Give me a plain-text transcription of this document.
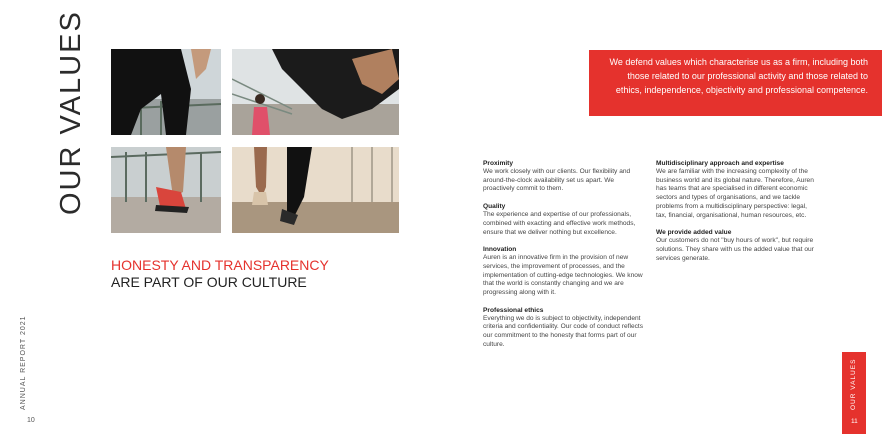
OUR VALUES
HONESTY AND TRANSPARENCY
ARE PART OF OUR CULTURE
ANNUAL REPORT 2021
10

We defend values which characterise us as a firm, including both those related to our professional activity and those related to ethics, independence, objectivity and professional competence.

Proximity

We work closely with our clients. Our flexibility and around-the-clock availability set us apart. We proactively commit to them.

Quality

The experience and expertise of our professionals, combined with exacting and effective work methods, ensure that we deliver nothing but excellence.

Innovation

Auren is an innovative firm in the provision of new services, the improvement of processes, and the implementation of cutting-edge technologies. We know that the world is constantly changing and we are progressing along with it.

Professional ethics

Everything we do is subject to objectivity, independent criteria and confidentiality. Our code of conduct reflects our commitment to the honesty that forms part of our culture.

Multidisciplinary approach and expertise

We are familiar with the increasing complexity of the business world and its global nature. Therefore, Auren has teams that are specialised in different economic sectors and types of organisations, and we tackle problems from a multidisciplinary perspective: legal, tax, financial, organisational, human resources, etc.

We provide added value

Our customers do not "buy hours of work", but require solutions. They share with us the added value that our services generate.

OUR VALUES
11
